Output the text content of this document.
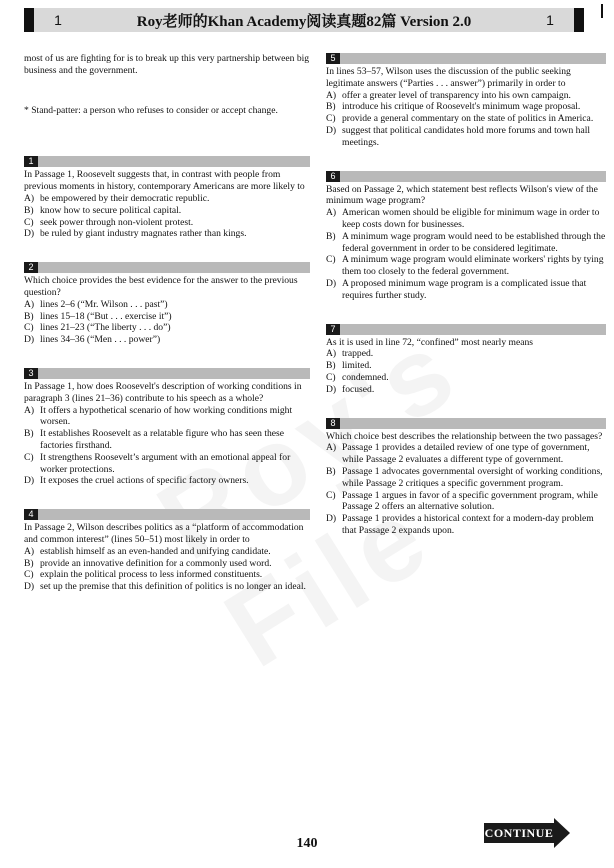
1	Roy老师的Khan Academy阅读真题82篇 Version 2.0	1

most of us are fighting for is to break up this very partnership between big business and the government.

* Stand-patter: a person who refuses to consider or accept change.

1

In Passage 1, Roosevelt suggests that, in contrast with people from previous moments in history, contemporary Americans are more likely to

A) be empowered by their democratic republic.
B) know how to secure political capital.
C) seek power through non-violent protest.
D) be ruled by giant industry magnates rather than kings.
2

Which choice provides the best evidence for the answer to the previous question?

A) lines 2–6 (“Mr. Wilson . . . past”)
B) lines 15–18 (“But . . . exercise it”)
C) lines 21–23 (“The liberty . . . do”)
D) lines 34–36 (“Men . . . power”)
3

In Passage 1, how does Roosevelt's description of working conditions in paragraph 3 (lines 21–36) contribute to his speech as a whole?

A) It offers a hypothetical scenario of how working conditions might worsen.
B) It establishes Roosevelt as a relatable figure who has seen these factories firsthand.
C) It strengthens Roosevelt’s argument with an emotional appeal for worker protections.
D) It exposes the cruel actions of specific factory owners.
4

In Passage 2, Wilson describes politics as a “platform of accommodation and common interest” (lines 50–51) most likely in order to

A) establish himself as an even-handed and unifying candidate.
B) provide an innovative definition for a commonly used word.
C) explain the political process to less informed constituents.
D) set up the premise that this definition of politics is no longer an ideal.
5

In lines 53–57, Wilson uses the discussion of the public seeking legitimate answers (“Parties . . . answer”) primarily in order to

A) offer a greater level of transparency into his own campaign.
B) introduce his critique of Roosevelt's minimum wage proposal.
C) provide a general commentary on the state of politics in America.
D) suggest that political candidates hold more forums and town hall meetings.
6

Based on Passage 2, which statement best reflects Wilson's view of the minimum wage program?

A) American women should be eligible for minimum wage in order to keep costs down for businesses.
B) A minimum wage program would need to be established through the federal government in order to be considered legitimate.
C) A minimum wage program would eliminate workers' rights by tying them too closely to the federal government.
D) A proposed minimum wage program is a complicated issue that requires further study.
7

As it is used in line 72, “confined” most nearly means

A) trapped.
B) limited.
C) condemned.
D) focused.
8

Which choice best describes the relationship between the two passages?

A) Passage 1 provides a detailed review of one type of government, while Passage 2 evaluates a different type of government.
B) Passage 1 advocates governmental oversight of working conditions, while Passage 2 critiques a specific government program.
C) Passage 1 argues in favor of a specific government program, while Passage 2 offers an alternative solution.
D) Passage 1 provides a historical context for a modern-day problem that Passage 2 expands upon.
140
CONTINUE
